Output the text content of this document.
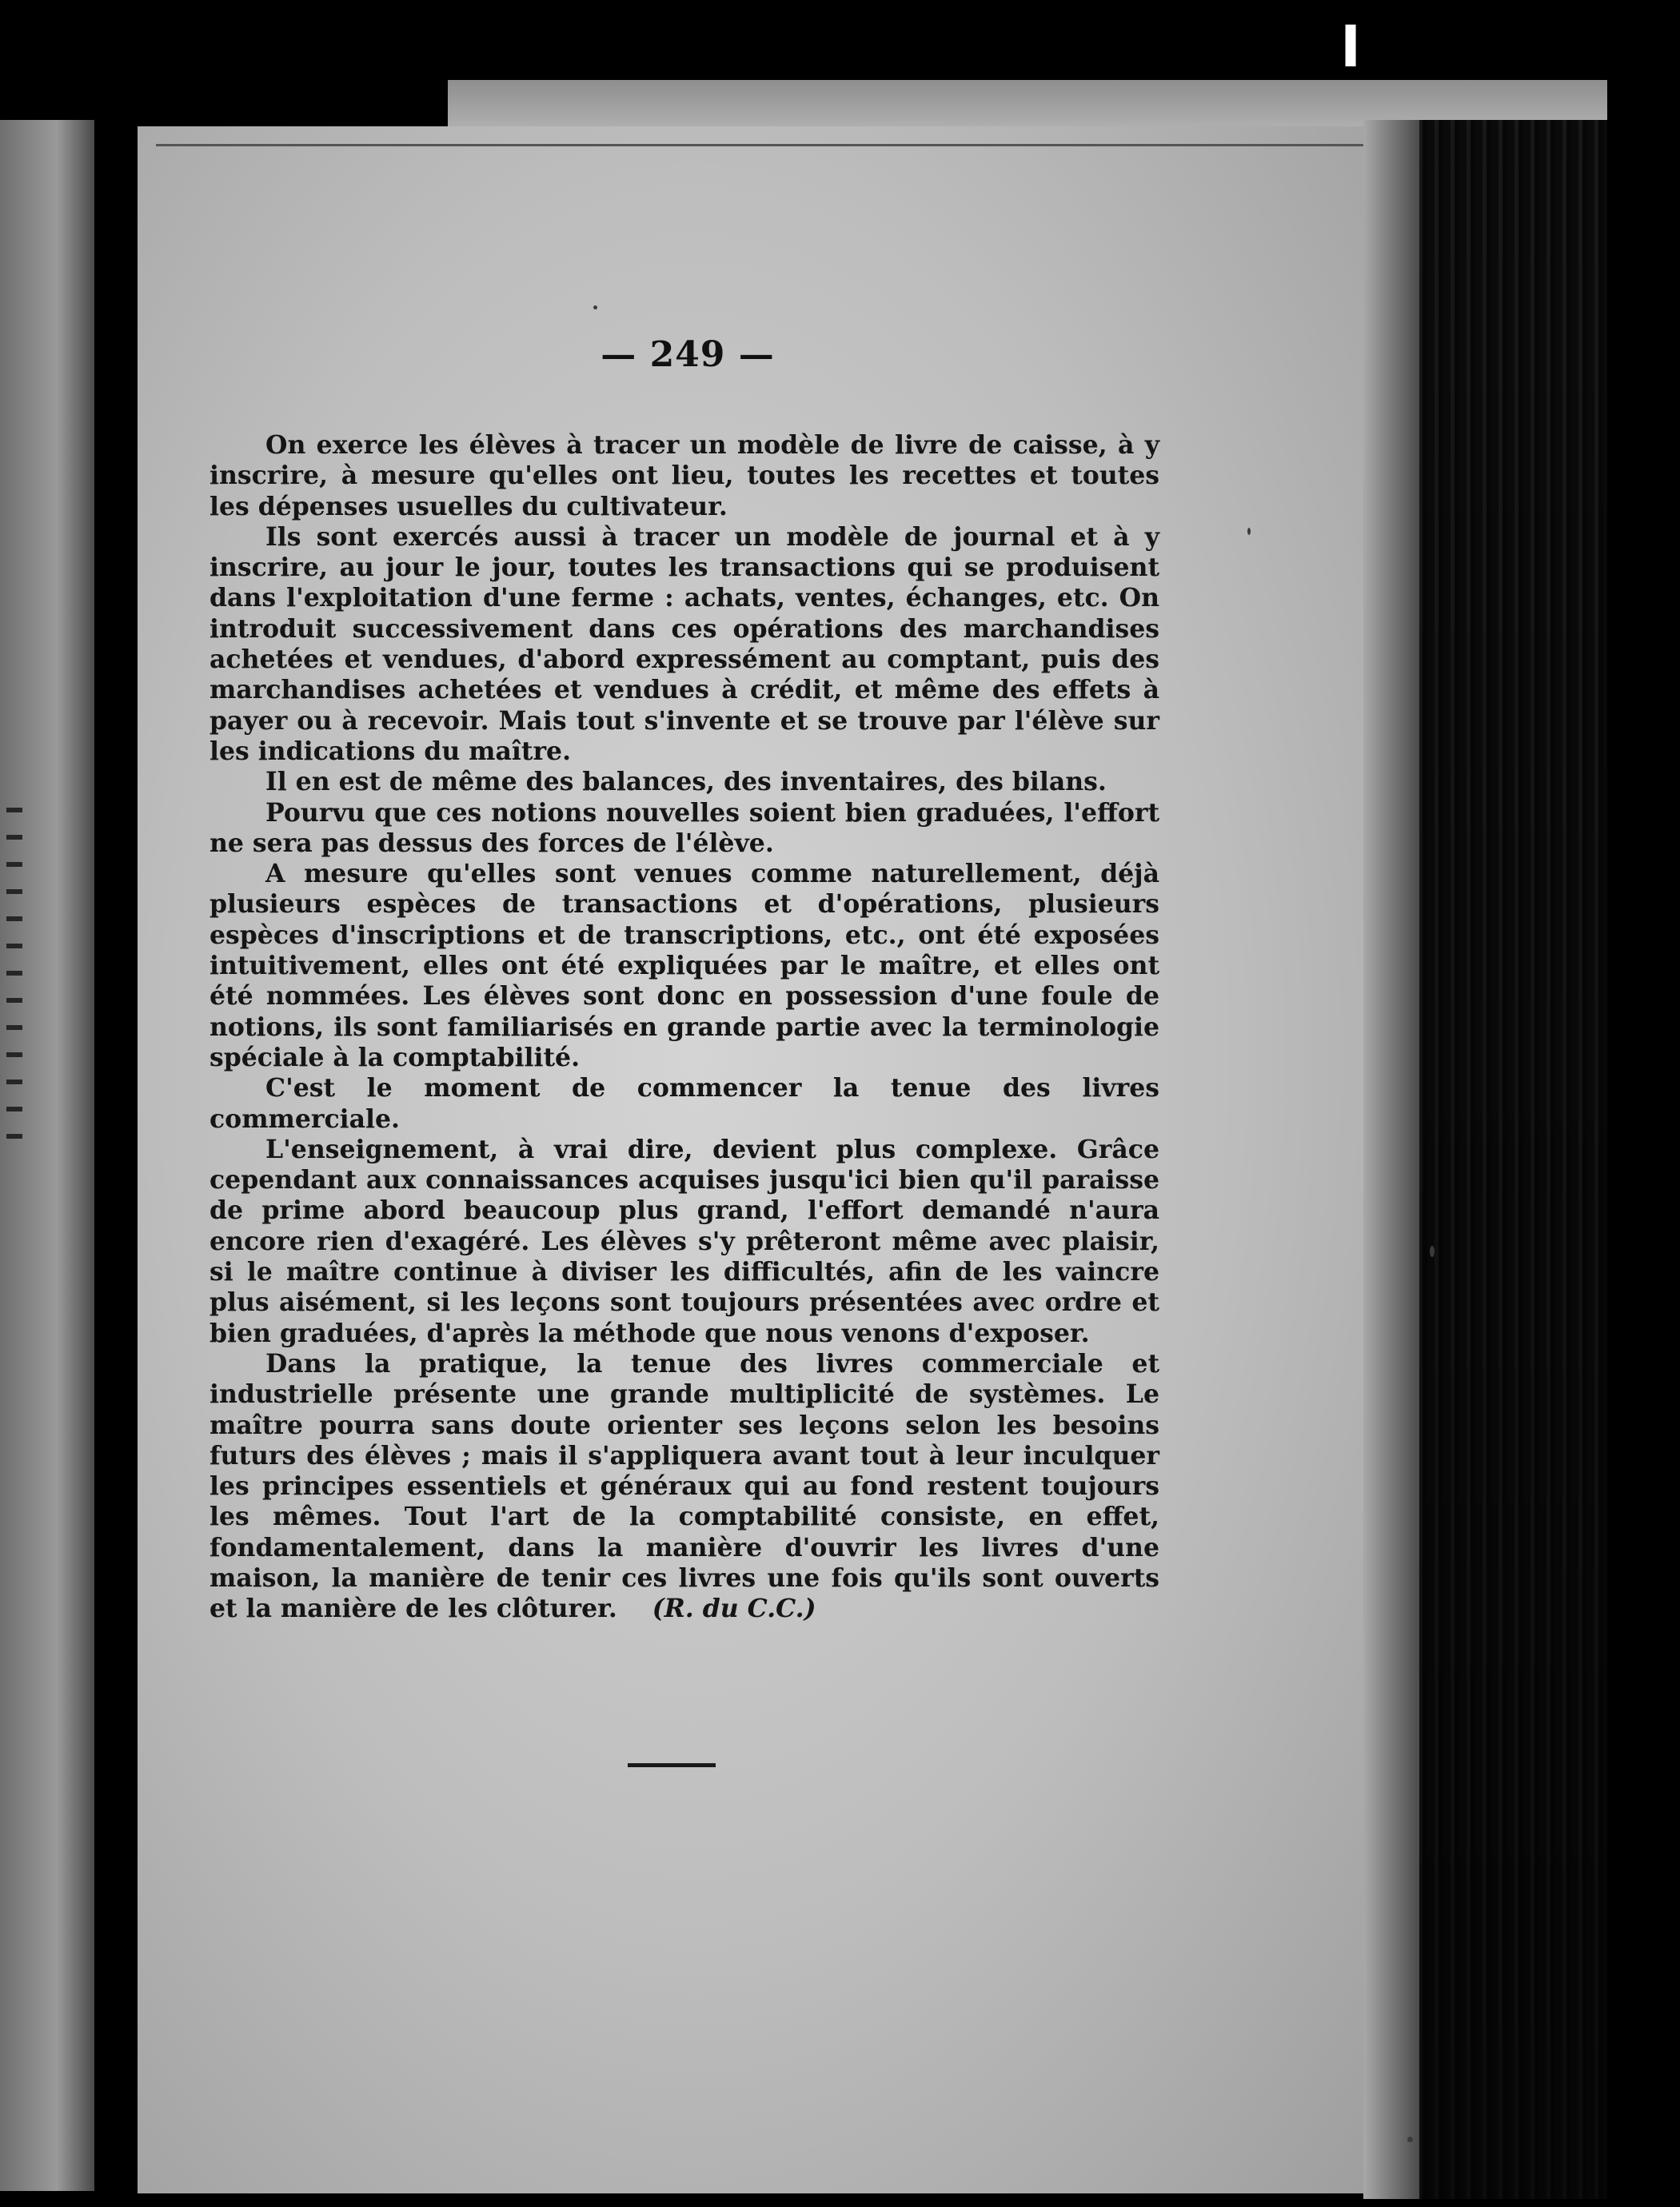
▍
— 249 —

On exerce les élèves à tracer un modèle de livre de caisse, à y inscrire, à mesure qu'elles ont lieu, toutes les recettes et toutes les dépenses usuelles du cultivateur.

Ils sont exercés aussi à tracer un modèle de journal et à y inscrire, au jour le jour, toutes les transactions qui se produisent dans l'exploitation d'une ferme : achats, ventes, échanges, etc. On introduit successivement dans ces opérations des marchandises achetées et vendues, d'abord expressément au comptant, puis des marchandises achetées et vendues à crédit, et même des effets à payer ou à recevoir. Mais tout s'invente et se trouve par l'élève sur les indications du maître.

Il en est de même des balances, des inventaires, des bilans.

Pourvu que ces notions nouvelles soient bien graduées, l'effort ne sera pas dessus des forces de l'élève.

A mesure qu'elles sont venues comme naturellement, déjà plusieurs espèces de transactions et d'opérations, plusieurs espèces d'inscriptions et de transcriptions, etc., ont été exposées intuitivement, elles ont été expliquées par le maître, et elles ont été nommées. Les élèves sont donc en possession d'une foule de notions, ils sont familiarisés en grande partie avec la terminologie spéciale à la comptabilité.

C'est le moment de commencer la tenue des livres commerciale.

L'enseignement, à vrai dire, devient plus complexe. Grâce cependant aux connaissances acquises jusqu'ici bien qu'il paraisse de prime abord beaucoup plus grand, l'effort demandé n'aura encore rien d'exagéré. Les élèves s'y prêteront même avec plaisir, si le maître continue à diviser les difficultés, afin de les vaincre plus aisément, si les leçons sont toujours présentées avec ordre et bien graduées, d'après la méthode que nous venons d'exposer.

Dans la pratique, la tenue des livres commerciale et industrielle présente une grande multiplicité de systèmes. Le maître pourra sans doute orienter ses leçons selon les besoins futurs des élèves ; mais il s'appliquera avant tout à leur inculquer les principes essentiels et généraux qui au fond restent toujours les mêmes. Tout l'art de la comptabilité consiste, en effet, fondamentalement, dans la manière d'ouvrir les livres d'une maison, la manière de tenir ces livres une fois qu'ils sont ouverts et la manière de les clôturer. (R. du C.C.)
